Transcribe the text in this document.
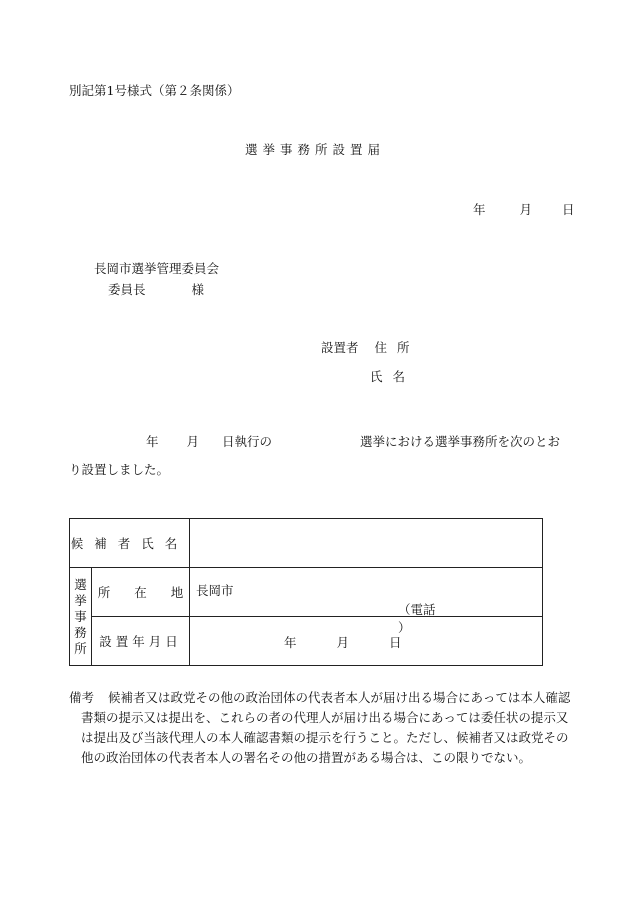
別記第1号様式（第２条関係）
選挙事務所設置届
年	月 日
長岡市選挙管理委員会
委員長	様
設置者 住所
氏名
年 月 日執行の	選挙における選挙事務所を次のとお
り設置しました。
候補者氏名		

選
挙
事
務
所	所 在 地	長岡市
（電話）

	設置年月日	年 月 日
備考 候補者又は政党その他の政治団体の代表者本人が届け出る場合にあっては本人確認
書類の提示又は提出を、これらの者の代理人が届け出る場合にあっては委任状の提示又
は提出及び当該代理人の本人確認書類の提示を行うこと。ただし、候補者又は政党その
他の政治団体の代表者本人の署名その他の措置がある場合は、この限りでない。
